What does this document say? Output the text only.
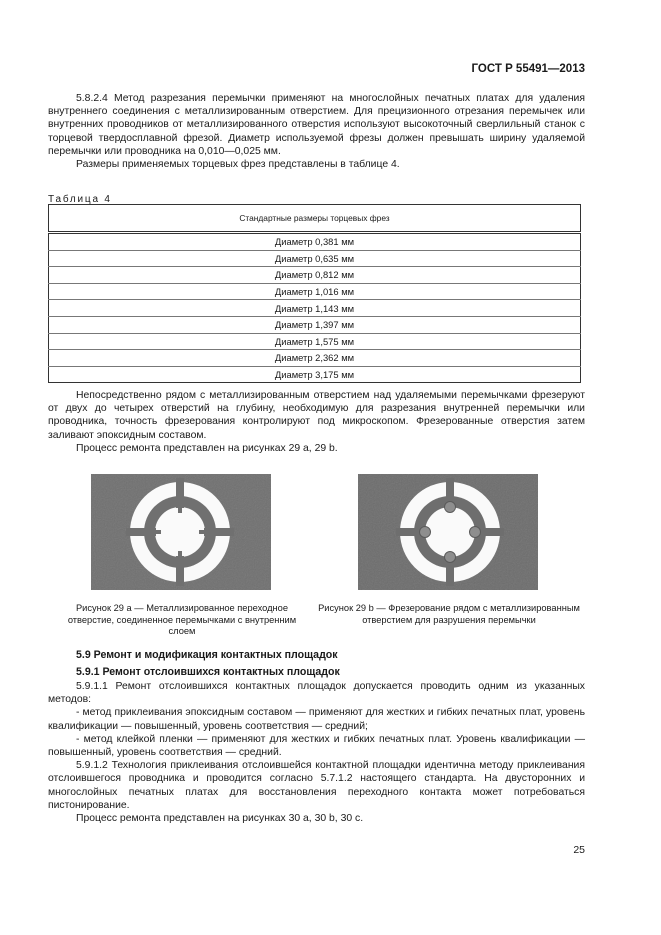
ГОСТ Р 55491—2013

5.8.2.4 Метод разрезания перемычки применяют на многослойных печатных платах для удаления внутреннего соединения с металлизированным отверстием. Для прецизионного отрезания перемычек или внутренних проводников от металлизированного отверстия используют высокоточный сверлильный станок с торцевой твердосплавной фрезой. Диаметр используемой фрезы должен превышать ширину удаляемой перемычки или проводника на 0,010—0,025 мм.

Размеры применяемых торцевых фрез представлены в таблице 4.

Таблица 4
Стандартные размеры торцевых фрез
Диаметр 0,381 мм
Диаметр 0,635 мм
Диаметр 0,812 мм
Диаметр 1,016 мм
Диаметр 1,143 мм
Диаметр 1,397 мм
Диаметр 1,575 мм
Диаметр 2,362 мм
Диаметр 3,175 мм

Непосредственно рядом с металлизированным отверстием над удаляемыми перемычками фрезеруют от двух до четырех отверстий на глубину, необходимую для разрезания внутренней перемычки или проводника, точность фрезерования контролируют под микроскопом. Фрезерованные отверстия затем заливают эпоксидным составом.

Процесс ремонта представлен на рисунках 29 а, 29 b.

Рисунок 29 а — Металлизированное переходное отверстие, соединенное перемычками с внутренним слоем
Рисунок 29 b — Фрезерование рядом с металлизированным отверстием для разрушения перемычки
5.9 Ремонт и модификация контактных площадок
5.9.1 Ремонт отслоившихся контактных площадок

5.9.1.1 Ремонт отслоившихся контактных площадок допускается проводить одним из указанных методов:

- метод приклеивания эпоксидным составом — применяют для жестких и гибких печатных плат, уровень квалификации — повышенный, уровень соответствия — средний;

- метод клейкой пленки — применяют для жестких и гибких печатных плат. Уровень квалификации — повышенный, уровень соответствия — средний.

5.9.1.2 Технология приклеивания отслоившейся контактной площадки идентична методу приклеивания отслоившегося проводника и проводится согласно 5.7.1.2 настоящего стандарта. На двусторонних и многослойных печатных платах для восстановления переходного контакта может потребоваться пистонирование.

Процесс ремонта представлен на рисунках 30 а, 30 b, 30 с.

25
